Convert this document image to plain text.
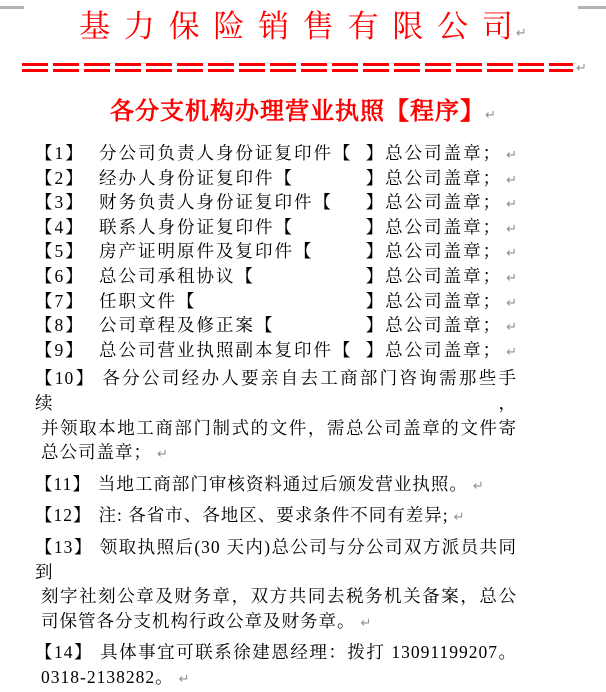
基 力 保 险 销 售 有 限 公 司↵
↵
各分支机构办理营业执照【程序】↵
【1】 分公司负责人身份证复印件【 】总公司盖章； ↵
【2】 经办人身份证复印件【	】总公司盖章； ↵
【3】 财务负责人身份证复印件【 】总公司盖章； ↵
【4】 联系人身份证复印件【	】总公司盖章； ↵
【5】 房产证明原件及复印件【	】总公司盖章； ↵
【6】 总公司承租协议【	】总公司盖章； ↵
【7】 任职文件【	】总公司盖章； ↵
【8】 公司章程及修正案【	】总公司盖章； ↵
【9】 总公司营业执照副本复印件【 】总公司盖章； ↵
【10】 各分公司经办人要亲自去工商部门咨询需那些手续，
并领取本地工商部门制式的文件，需总公司盖章的文件寄
总公司盖章； ↵
【11】 当地工商部门审核资料通过后颁发营业执照。 ↵
【12】 注: 各省市、各地区、要求条件不同有差异; ↵
【13】 领取执照后(30 天内)总公司与分公司双方派员共同到
刻字社刻公章及财务章，双方共同去税务机关备案，总公
司保管各分支机构行政公章及财务章。 ↵
【14】 具体事宜可联系徐建恩经理：拨打 13091199207。
0318-2138282。 ↵
